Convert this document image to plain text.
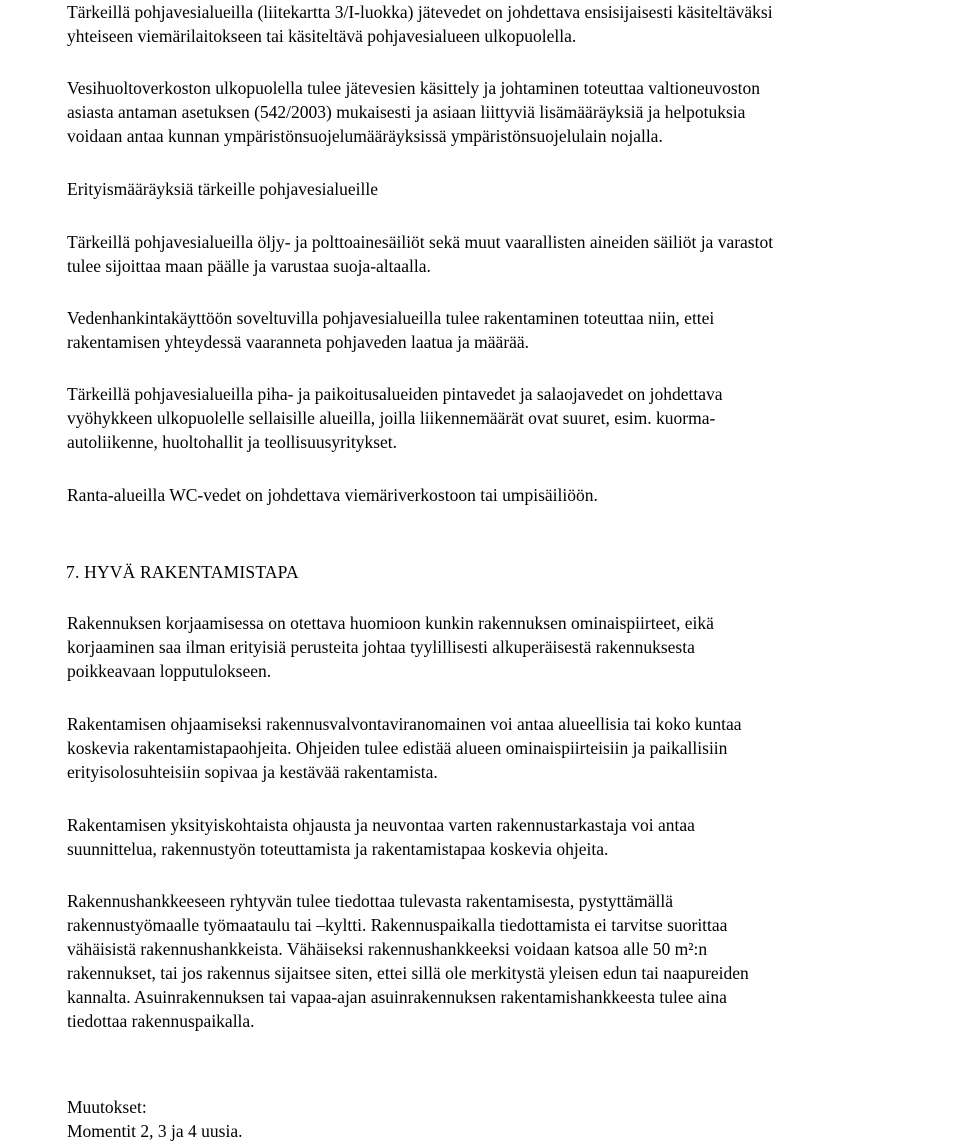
Tärkeillä pohjavesialueilla (liitekartta 3/I-luokka) jätevedet on johdettava ensisijaisesti käsiteltäväksi
yhteiseen viemärilaitokseen tai käsiteltävä pohjavesialueen ulkopuolella.

Vesihuoltoverkoston ulkopuolella tulee jätevesien käsittely ja johtaminen toteuttaa valtioneuvoston
asiasta antaman asetuksen (542/2003) mukaisesti ja asiaan liittyviä lisämääräyksiä ja helpotuksia
voidaan antaa kunnan ympäristönsuojelumääräyksissä ympäristönsuojelulain nojalla.

Erityismääräyksiä tärkeille pohjavesialueille

Tärkeillä pohjavesialueilla öljy- ja polttoainesäiliöt sekä muut vaarallisten aineiden säiliöt ja varastot
tulee sijoittaa maan päälle ja varustaa suoja-altaalla.

Vedenhankintakäyttöön soveltuvilla pohjavesialueilla tulee rakentaminen toteuttaa niin, ettei
rakentamisen yhteydessä vaaranneta pohjaveden laatua ja määrää.

Tärkeillä pohjavesialueilla piha- ja paikoitusalueiden pintavedet ja salaojavedet on johdettava
vyöhykkeen ulkopuolelle sellaisille alueilla, joilla liikennemäärät ovat suuret, esim. kuorma-
autoliikenne, huoltohallit ja teollisuusyritykset.

Ranta-alueilla WC-vedet on johdettava viemäriverkostoon tai umpisäiliöön.

7. HYVÄ RAKENTAMISTAPA

Rakennuksen korjaamisessa on otettava huomioon kunkin rakennuksen ominaispiirteet, eikä
korjaaminen saa ilman erityisiä perusteita johtaa tyylillisesti alkuperäisestä rakennuksesta
poikkeavaan lopputulokseen.

Rakentamisen ohjaamiseksi rakennusvalvontaviranomainen voi antaa alueellisia tai koko kuntaa
koskevia rakentamistapaohjeita. Ohjeiden tulee edistää alueen ominaispiirteisiin ja paikallisiin
erityisolosuhteisiin sopivaa ja kestävää rakentamista.

Rakentamisen yksityiskohtaista ohjausta ja neuvontaa varten rakennustarkastaja voi antaa
suunnittelua, rakennustyön toteuttamista ja rakentamistapaa koskevia ohjeita.

Rakennushankkeeseen ryhtyvän tulee tiedottaa tulevasta rakentamisesta, pystyttämällä
rakennustyömaalle työmaataulu tai –kyltti. Rakennuspaikalla tiedottamista ei tarvitse suorittaa
vähäisistä rakennushankkeista. Vähäiseksi rakennushankkeeksi voidaan katsoa alle 50 m²:n
rakennukset, tai jos rakennus sijaitsee siten, ettei sillä ole merkitystä yleisen edun tai naapureiden
kannalta. Asuinrakennuksen tai vapaa-ajan asuinrakennuksen rakentamishankkeesta tulee aina
tiedottaa rakennuspaikalla.

Muutokset:
Momentit 2, 3 ja 4 uusia.
